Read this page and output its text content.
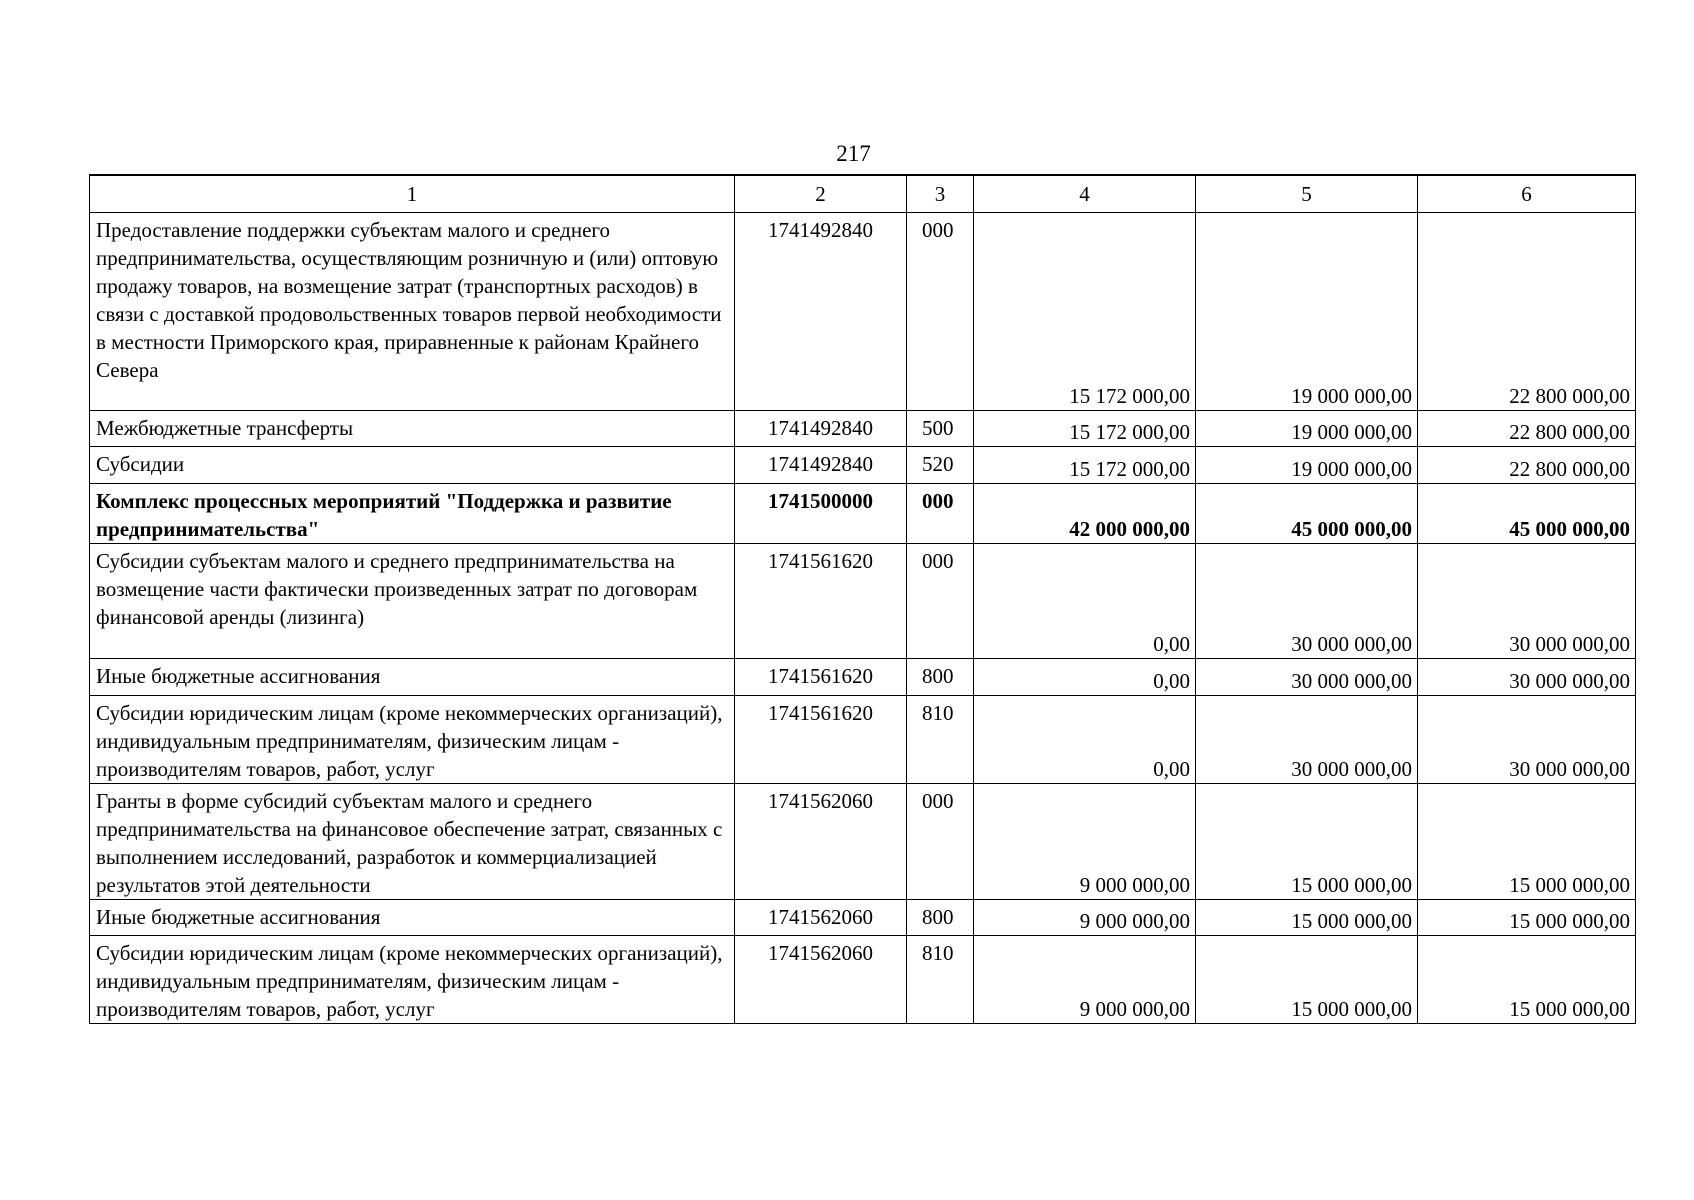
217
1	2	3	4	5	6
Предоставление поддержки субъектам малого и среднего предпринимательства, осуществляющим розничную и (или) оптовую продажу товаров, на возмещение затрат (транспортных расходов) в связи с доставкой продовольственных товаров первой необходимости в местности Приморского края, приравненные к районам Крайнего Севера	1741492840	000	15 172 000,00	19 000 000,00	22 800 000,00
Межбюджетные трансферты	1741492840	500	15 172 000,00	19 000 000,00	22 800 000,00
Субсидии	1741492840	520	15 172 000,00	19 000 000,00	22 800 000,00
Комплекс процессных мероприятий "Поддержка и развитие предпринимательства"	1741500000	000	42 000 000,00	45 000 000,00	45 000 000,00
Субсидии субъектам малого и среднего предпринимательства на возмещение части фактически произведенных затрат по договорам финансовой аренды (лизинга)	1741561620	000	0,00	30 000 000,00	30 000 000,00
Иные бюджетные ассигнования	1741561620	800	0,00	30 000 000,00	30 000 000,00
Субсидии юридическим лицам (кроме некоммерческих организаций), индивидуальным предпринимателям, физическим лицам - производителям товаров, работ, услуг	1741561620	810	0,00	30 000 000,00	30 000 000,00
Гранты в форме субсидий субъектам малого и среднего предпринимательства на финансовое обеспечение затрат, связанных с выполнением исследований, разработок и коммерциализацией результатов этой деятельности	1741562060	000	9 000 000,00	15 000 000,00	15 000 000,00
Иные бюджетные ассигнования	1741562060	800	9 000 000,00	15 000 000,00	15 000 000,00
Субсидии юридическим лицам (кроме некоммерческих организаций), индивидуальным предпринимателям, физическим лицам - производителям товаров, работ, услуг	1741562060	810	9 000 000,00	15 000 000,00	15 000 000,00
